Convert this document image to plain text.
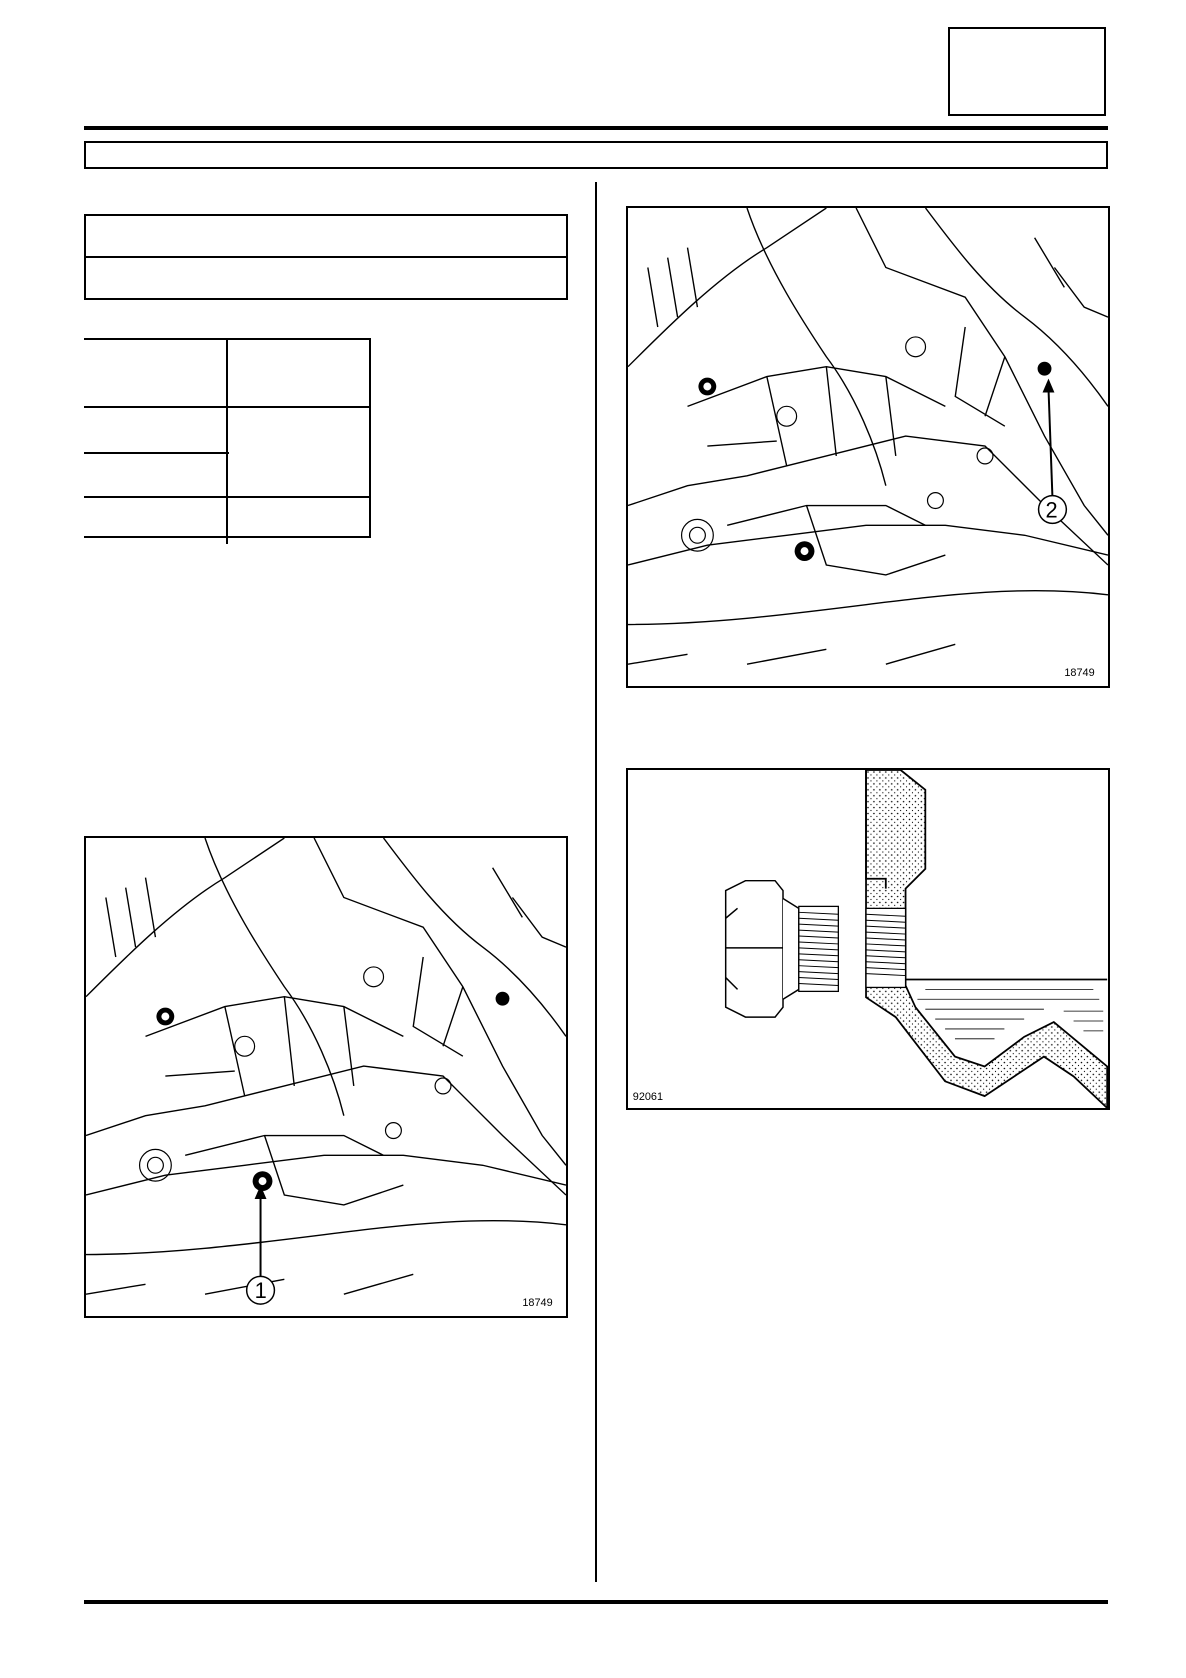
1	18749
2
18749
92061
